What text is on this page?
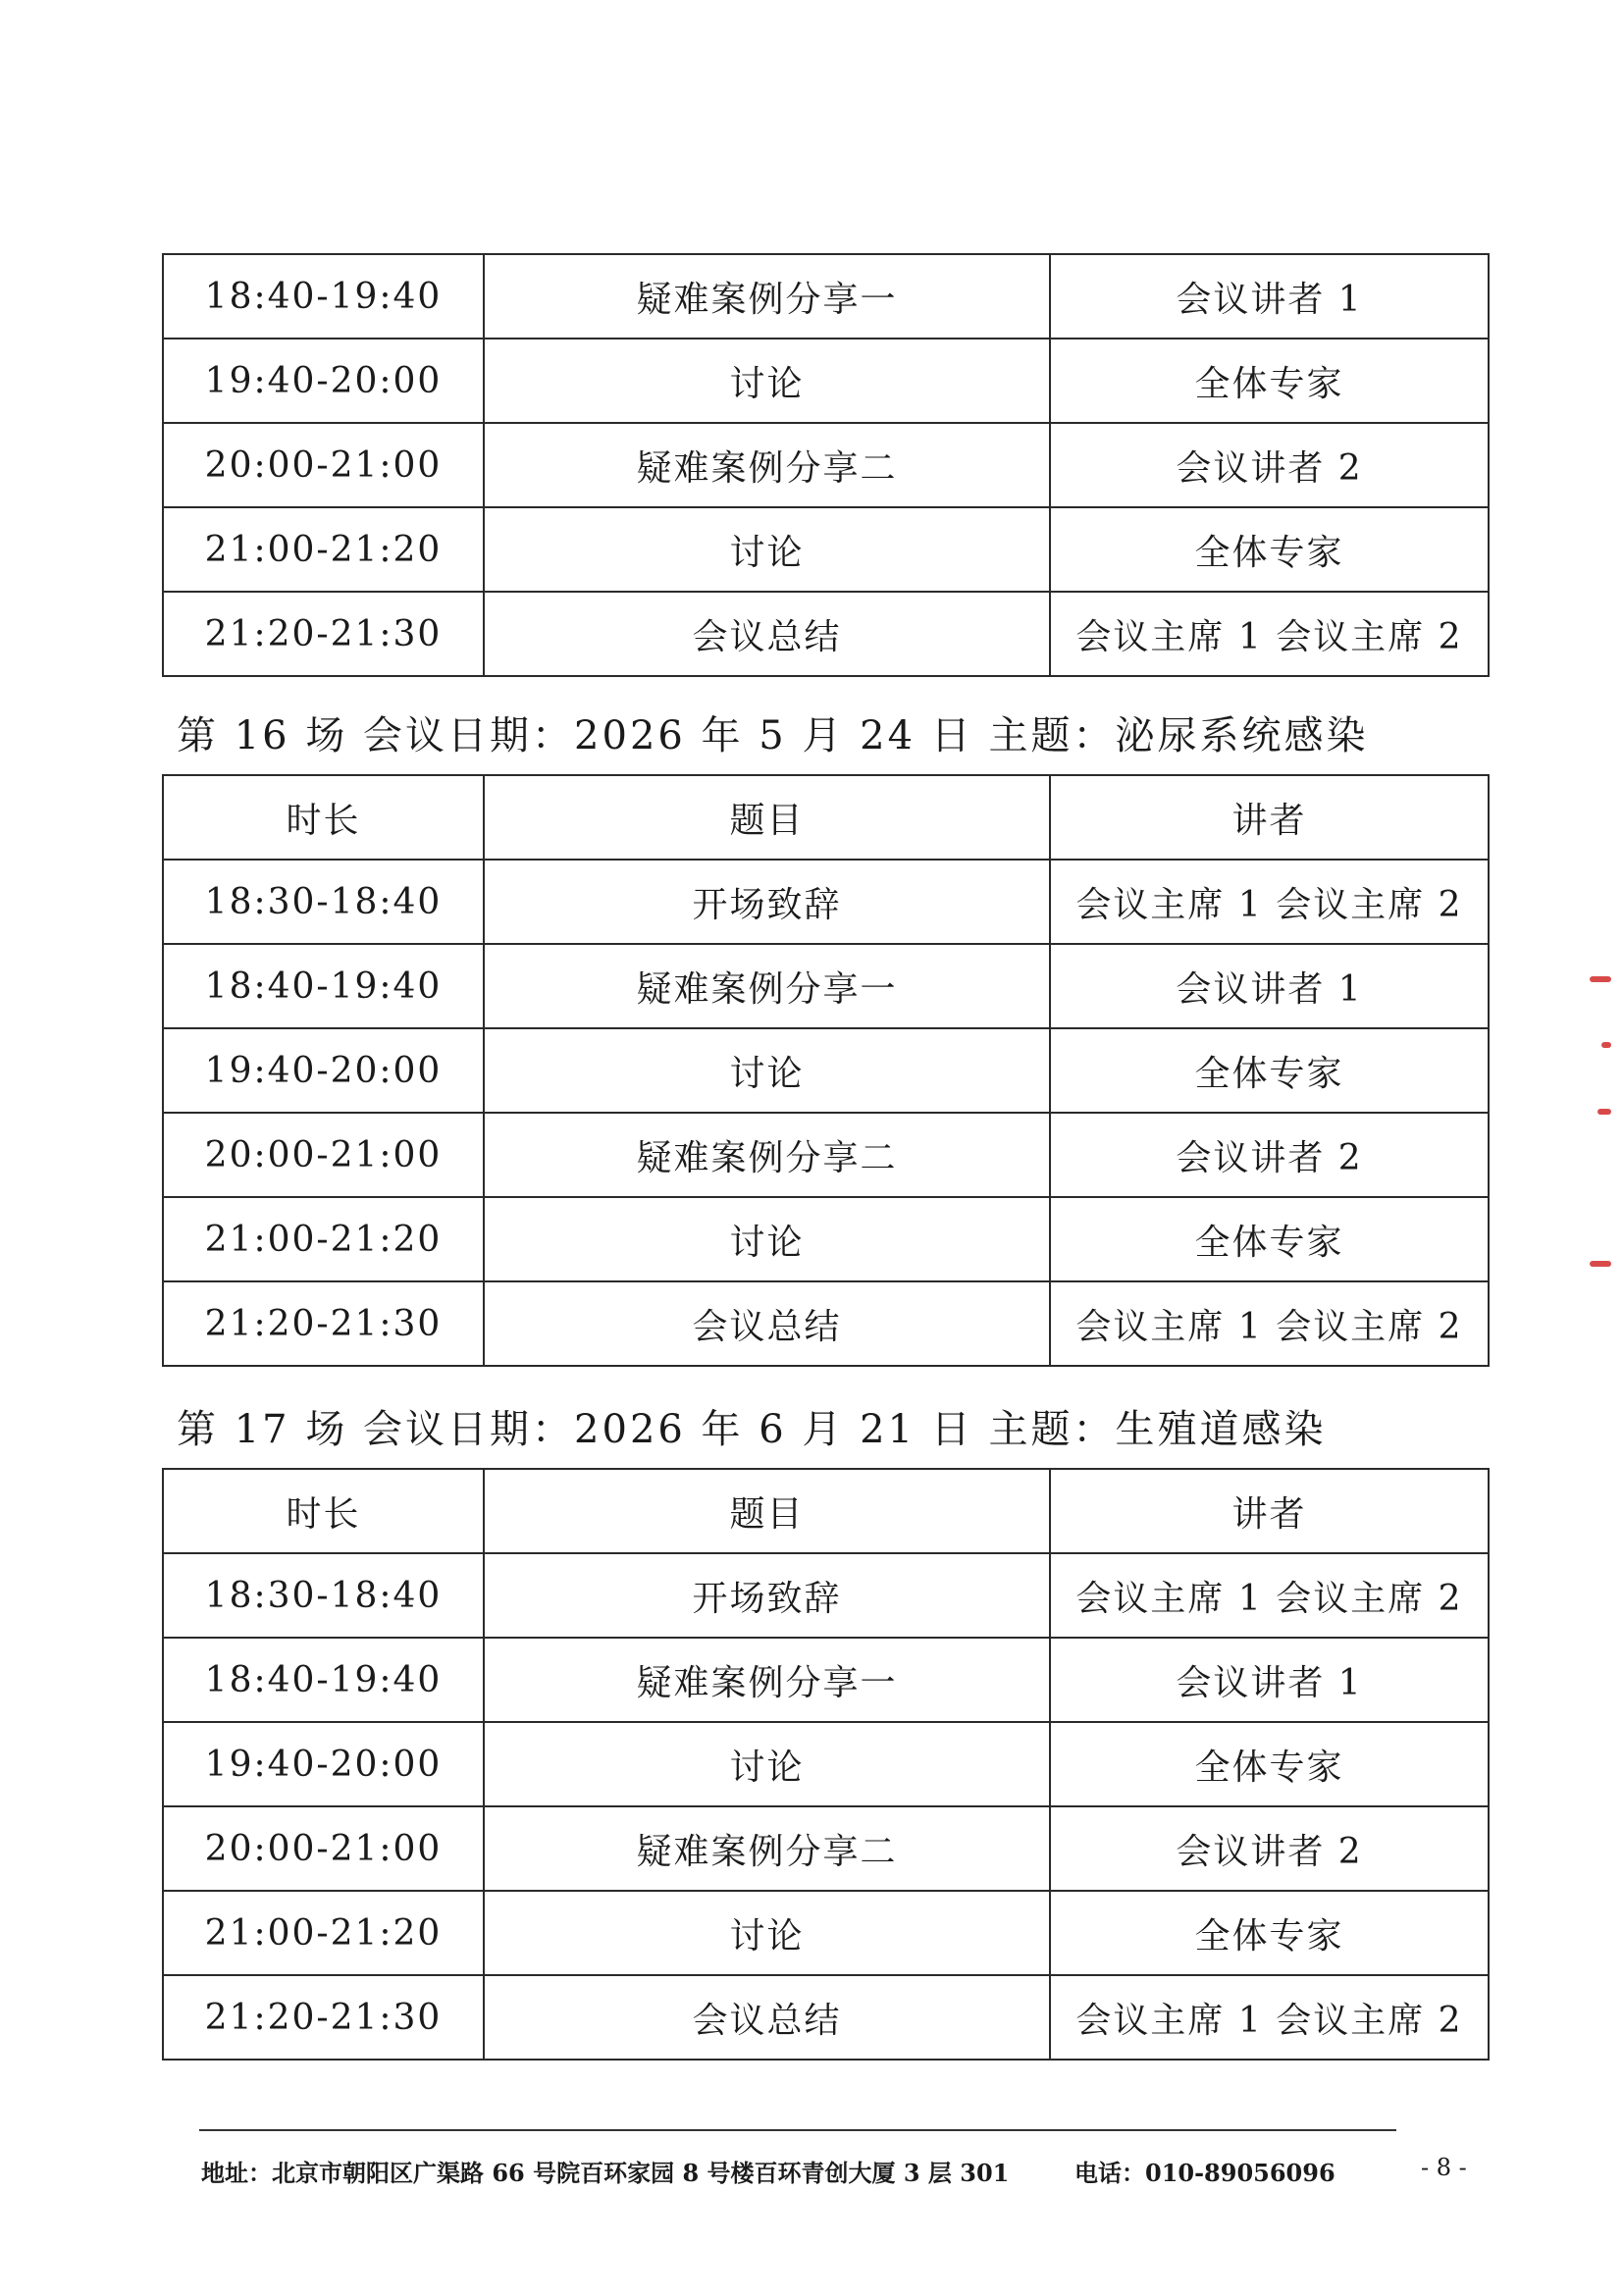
18:40-19:40	疑难案例分享一	会议讲者 1
19:40-20:00	讨论	全体专家
20:00-21:00	疑难案例分享二	会议讲者 2
21:00-21:20	讨论	全体专家
21:20-21:30	会议总结	会议主席 1 会议主席 2
第 16 场 会议日期：2026 年 5 月 24 日 主题：泌尿系统感染
时长	题目	讲者
18:30-18:40	开场致辞	会议主席 1 会议主席 2
18:40-19:40	疑难案例分享一	会议讲者 1
19:40-20:00	讨论	全体专家
20:00-21:00	疑难案例分享二	会议讲者 2
21:00-21:20	讨论	全体专家
21:20-21:30	会议总结	会议主席 1 会议主席 2
第 17 场 会议日期：2026 年 6 月 21 日 主题：生殖道感染
时长	题目	讲者
18:30-18:40	开场致辞	会议主席 1 会议主席 2
18:40-19:40	疑难案例分享一	会议讲者 1
19:40-20:00	讨论	全体专家
20:00-21:00	疑难案例分享二	会议讲者 2
21:00-21:20	讨论	全体专家
21:20-21:30	会议总结	会议主席 1 会议主席 2
地址：北京市朝阳区广渠路 66 号院百环家园 8 号楼百环青创大厦 3 层 301	电话：010-89056096	- 8 -
